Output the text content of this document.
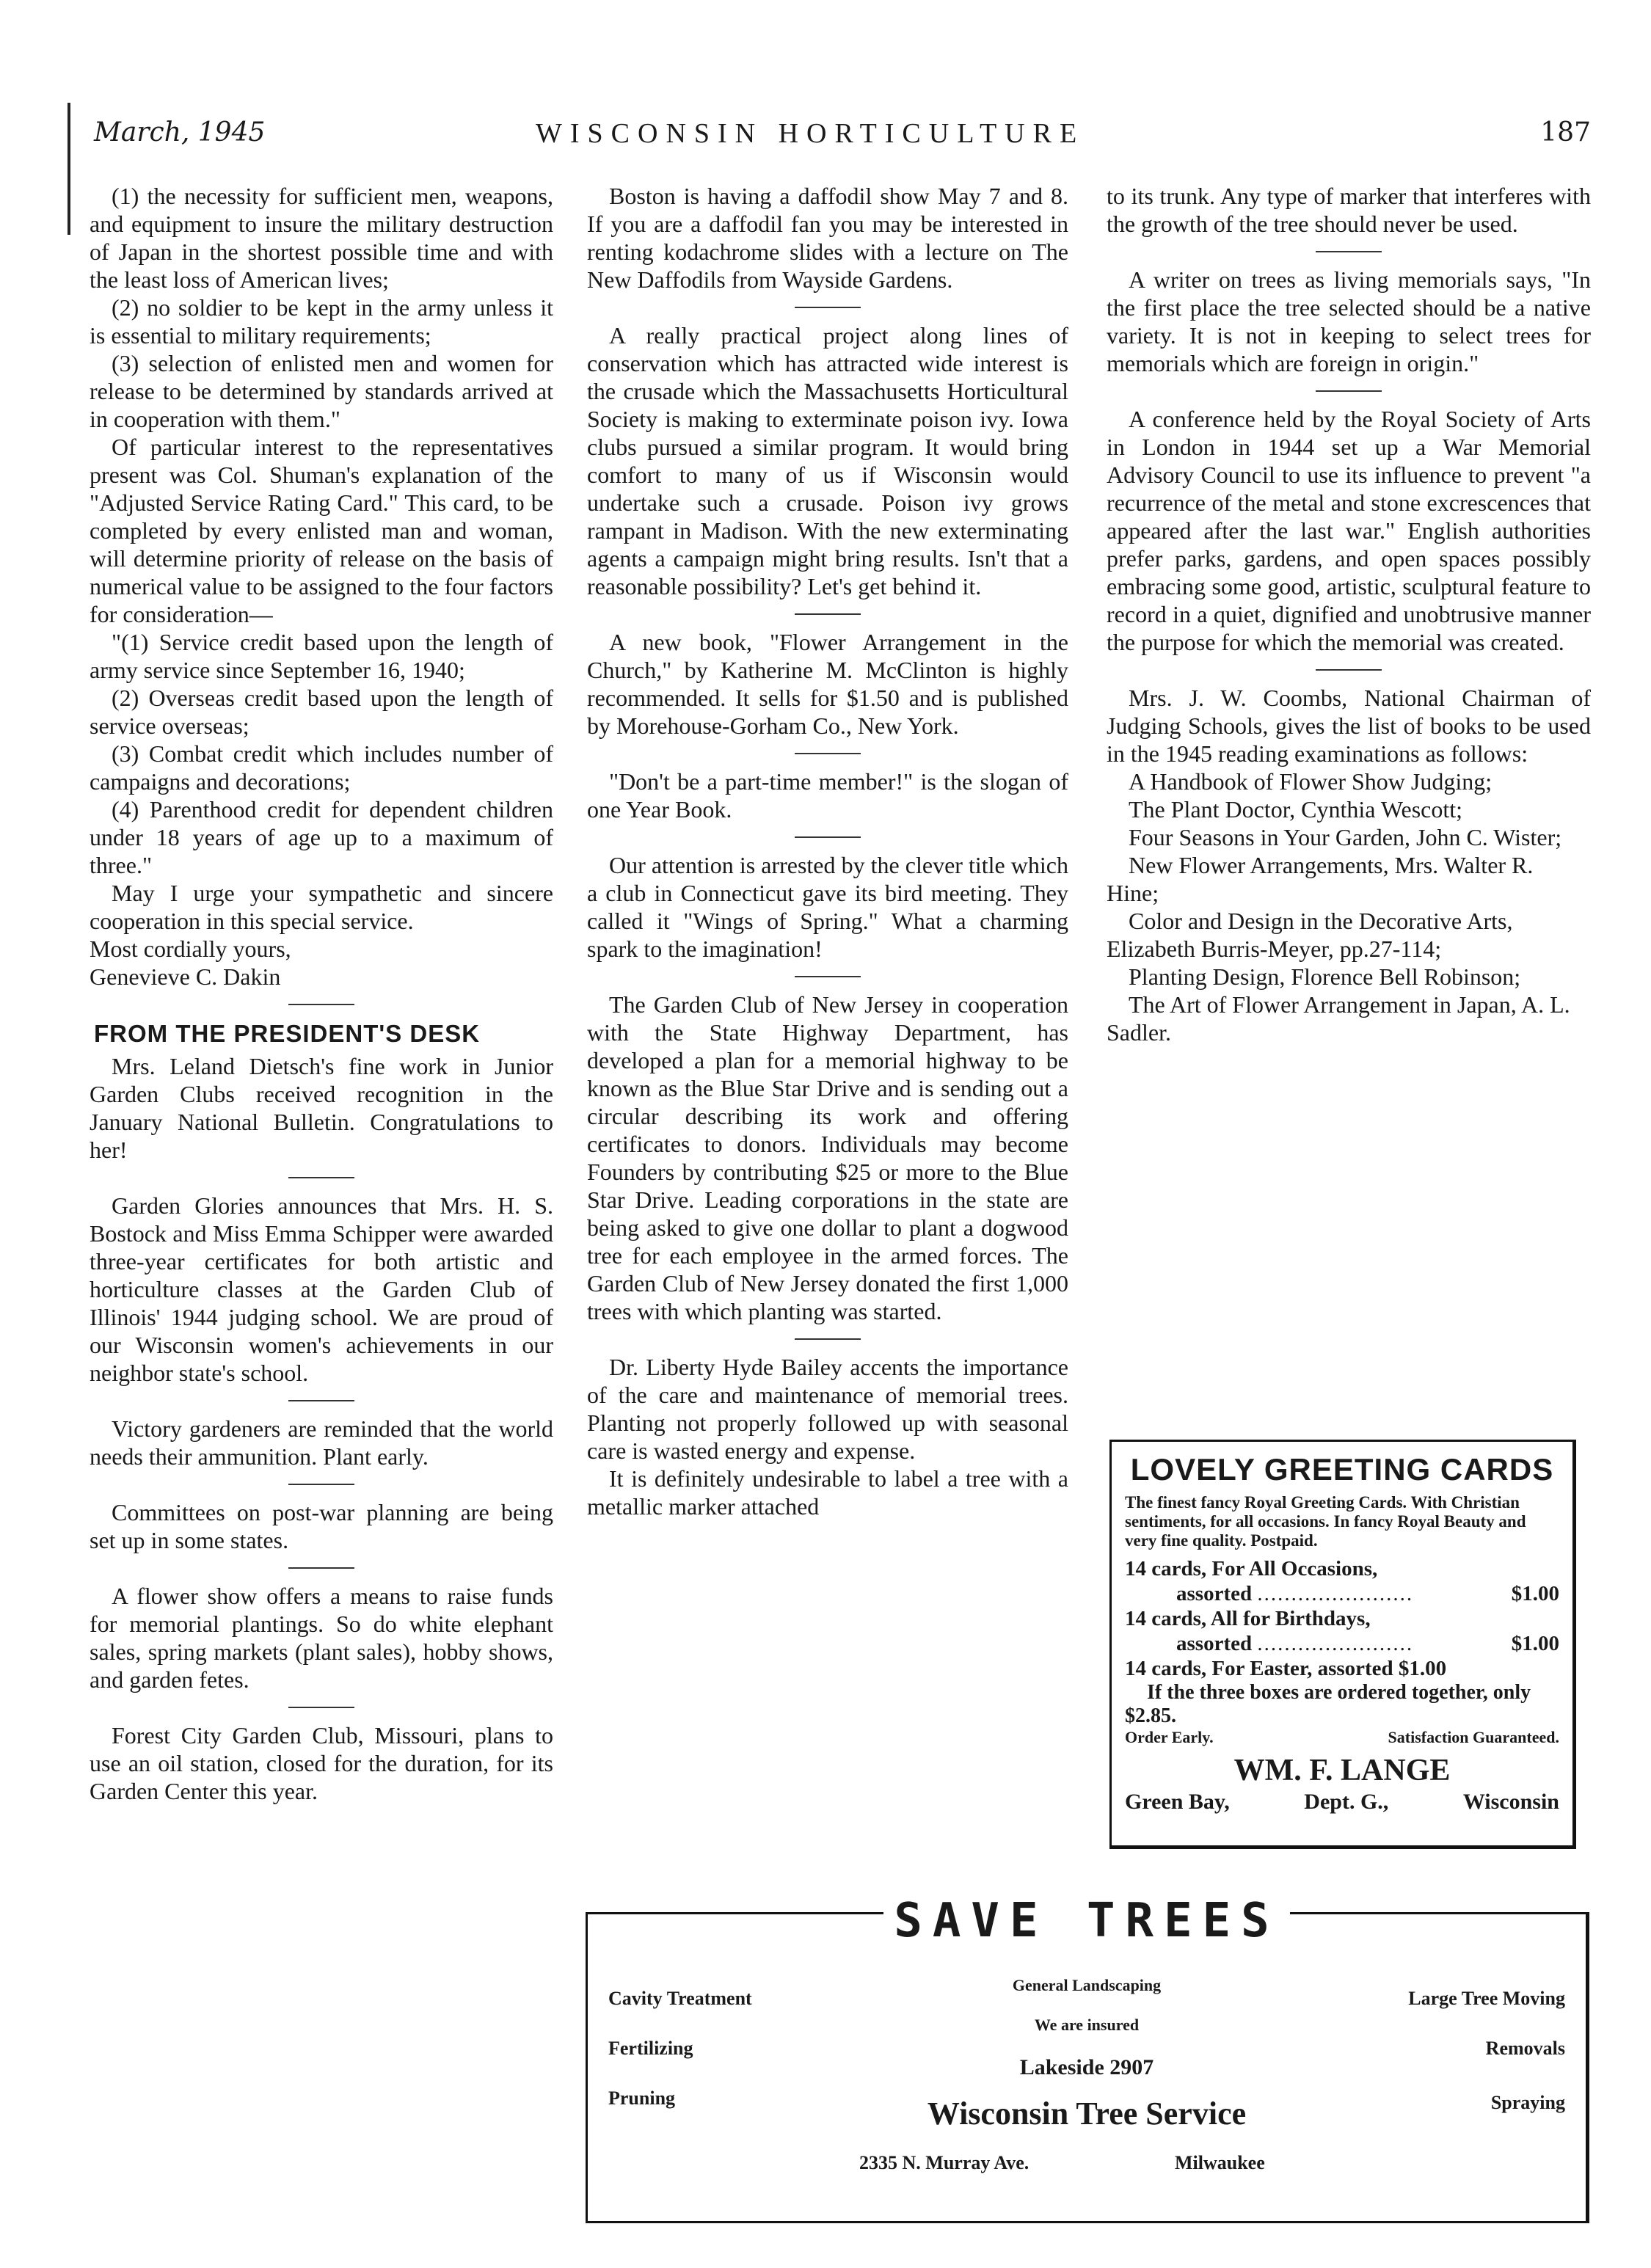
March, 1945	WISCONSIN HORTICULTURE	187

(1) the necessity for sufficient men, weapons, and equipment to insure the military destruction of Japan in the shortest possible time and with the least loss of American lives;

(2) no soldier to be kept in the army unless it is essential to military requirements;

(3) selection of enlisted men and women for release to be determined by standards arrived at in cooperation with them."

Of particular interest to the representatives present was Col. Shuman's explanation of the "Adjusted Service Rating Card." This card, to be completed by every enlisted man and woman, will determine priority of release on the basis of numerical value to be assigned to the four factors for consideration—

"(1) Service credit based upon the length of army service since September 16, 1940;

(2) Overseas credit based upon the length of service overseas;

(3) Combat credit which includes number of campaigns and decorations;

(4) Parenthood credit for dependent children under 18 years of age up to a maximum of three."

May I urge your sympathetic and sincere cooperation in this special service.

Most cordially yours,

Genevieve C. Dakin

FROM THE PRESIDENT'S DESK

Mrs. Leland Dietsch's fine work in Junior Garden Clubs received recognition in the January National Bulletin. Congratulations to her!

Garden Glories announces that Mrs. H. S. Bostock and Miss Emma Schipper were awarded three-year certificates for both artistic and horticulture classes at the Garden Club of Illinois' 1944 judging school. We are proud of our Wisconsin women's achievements in our neighbor state's school.

Victory gardeners are reminded that the world needs their ammunition. Plant early.

Committees on post-war planning are being set up in some states.

A flower show offers a means to raise funds for memorial plantings. So do white elephant sales, spring markets (plant sales), hobby shows, and garden fetes.

Forest City Garden Club, Missouri, plans to use an oil station, closed for the duration, for its Garden Center this year.

Boston is having a daffodil show May 7 and 8. If you are a daffodil fan you may be interested in renting kodachrome slides with a lecture on The New Daffodils from Wayside Gardens.

A really practical project along lines of conservation which has attracted wide interest is the crusade which the Massachusetts Horticultural Society is making to exterminate poison ivy. Iowa clubs pursued a similar program. It would bring comfort to many of us if Wisconsin would undertake such a crusade. Poison ivy grows rampant in Madison. With the new exterminating agents a campaign might bring results. Isn't that a reasonable possibility? Let's get behind it.

A new book, "Flower Arrangement in the Church," by Katherine M. McClinton is highly recommended. It sells for $1.50 and is published by Morehouse-Gorham Co., New York.

"Don't be a part-time member!" is the slogan of one Year Book.

Our attention is arrested by the clever title which a club in Connecticut gave its bird meeting. They called it "Wings of Spring." What a charming spark to the imagination!

The Garden Club of New Jersey in cooperation with the State Highway Department, has developed a plan for a memorial highway to be known as the Blue Star Drive and is sending out a circular describing its work and offering certificates to donors. Individuals may become Founders by contributing $25 or more to the Blue Star Drive. Leading corporations in the state are being asked to give one dollar to plant a dogwood tree for each employee in the armed forces. The Garden Club of New Jersey donated the first 1,000 trees with which planting was started.

Dr. Liberty Hyde Bailey accents the importance of the care and maintenance of memorial trees. Planting not properly followed up with seasonal care is wasted energy and expense.

It is definitely undesirable to label a tree with a metallic marker attached

to its trunk. Any type of marker that interferes with the growth of the tree should never be used.

A writer on trees as living memorials says, "In the first place the tree selected should be a native variety. It is not in keeping to select trees for memorials which are foreign in origin."

A conference held by the Royal Society of Arts in London in 1944 set up a War Memorial Advisory Council to use its influence to prevent "a recurrence of the metal and stone excrescences that appeared after the last war." English authorities prefer parks, gardens, and open spaces possibly embracing some good, artistic, sculptural feature to record in a quiet, dignified and unobtrusive manner the purpose for which the memorial was created.

Mrs. J. W. Coombs, National Chairman of Judging Schools, gives the list of books to be used in the 1945 reading examinations as follows:

A Handbook of Flower Show Judging;

The Plant Doctor, Cynthia Wescott;

Four Seasons in Your Garden, John C. Wister;

New Flower Arrangements, Mrs. Walter R. Hine;

Color and Design in the Decorative Arts, Elizabeth Burris-Meyer, pp.27-114;

Planting Design, Florence Bell Robinson;

The Art of Flower Arrangement in Japan, A. L. Sadler.

LOVELY GREETING CARDS
The finest fancy Royal Greeting Cards. With Christian sentiments, for all occasions. In fancy Royal Beauty and very fine quality. Postpaid.
14 cards, For All Occasions,
assorted .......................	$1.00
14 cards, All for Birthdays,
assorted .......................	$1.00
14 cards, For Easter, assorted $1.00
If the three boxes are ordered together, only $2.85.
Order Early.	Satisfaction Guaranteed.
WM. F. LANGE
Green Bay,	Dept. G.,	Wisconsin
SAVE TREES
Cavity Treatment
Fertilizing
Pruning
General Landscaping
We are insured
Lakeside 2907
Wisconsin Tree Service
2335 N. Murray Ave.	Milwaukee
Large Tree Moving
Removals
Spraying
